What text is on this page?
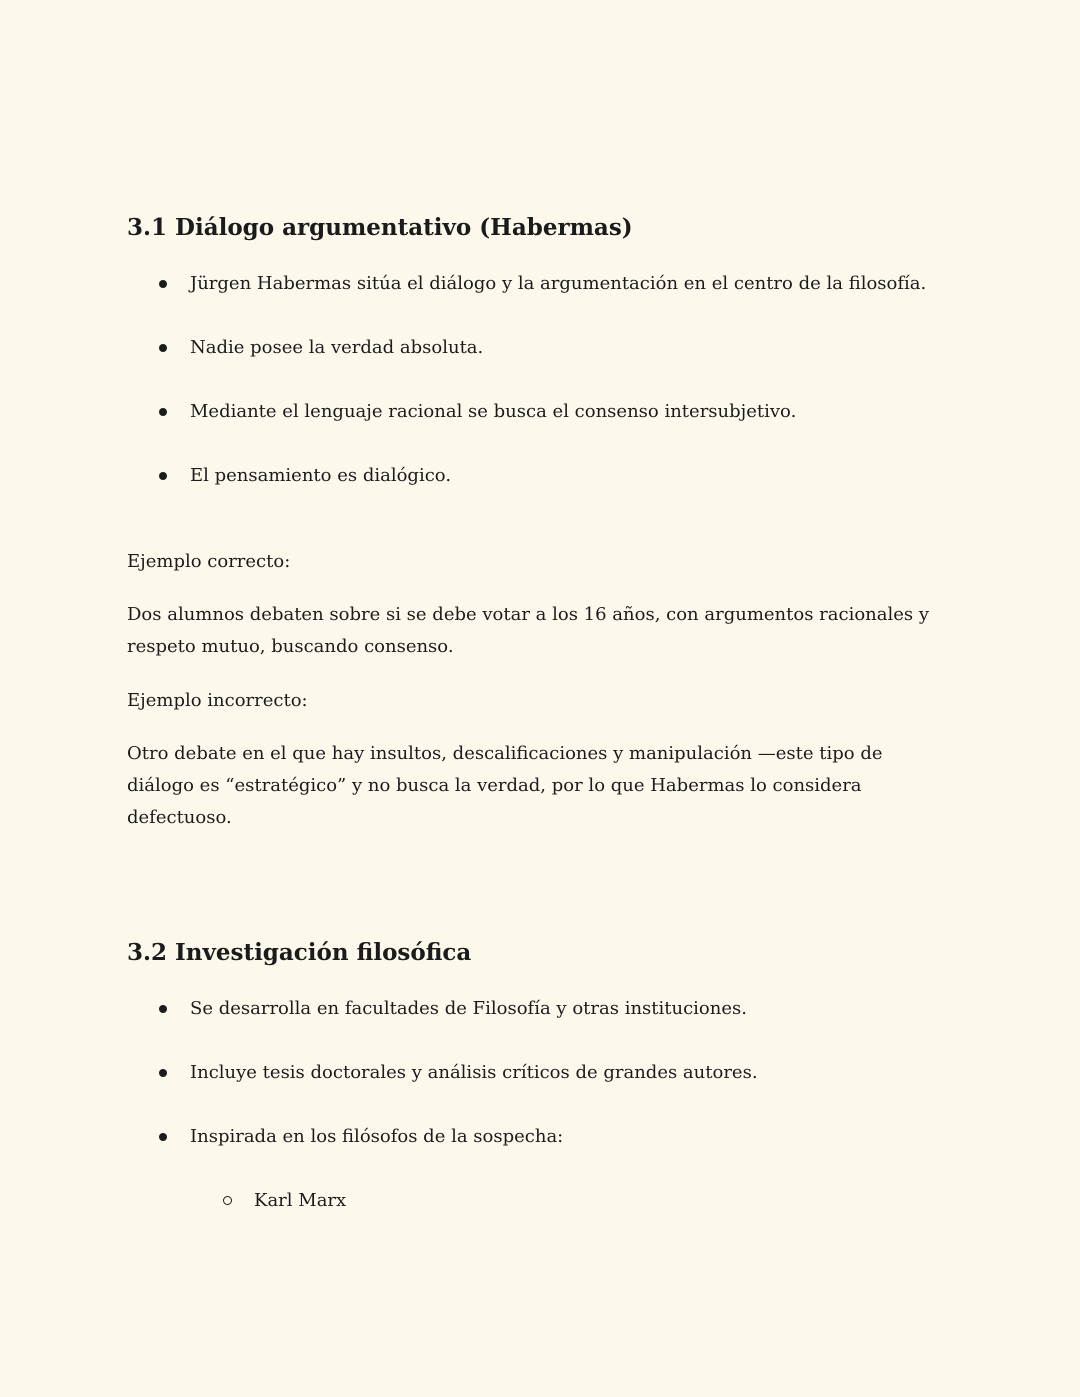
3.1 Diálogo argumentativo (Habermas)
Jürgen Habermas sitúa el diálogo y la argumentación en el centro de la filosofía.
Nadie posee la verdad absoluta.
Mediante el lenguaje racional se busca el consenso intersubjetivo.
El pensamiento es dialógico.

Ejemplo correcto:

Dos alumnos debaten sobre si se debe votar a los 16 años, con argumentos racionales y respeto mutuo, buscando consenso.

Ejemplo incorrecto:

Otro debate en el que hay insultos, descalificaciones y manipulación —este tipo de diálogo es “estratégico” y no busca la verdad, por lo que Habermas lo considera defectuoso.

3.2 Investigación filosófica
Se desarrolla en facultades de Filosofía y otras instituciones.
Incluye tesis doctorales y análisis críticos de grandes autores.
Inspirada en los filósofos de la sospecha:
Karl Marx
